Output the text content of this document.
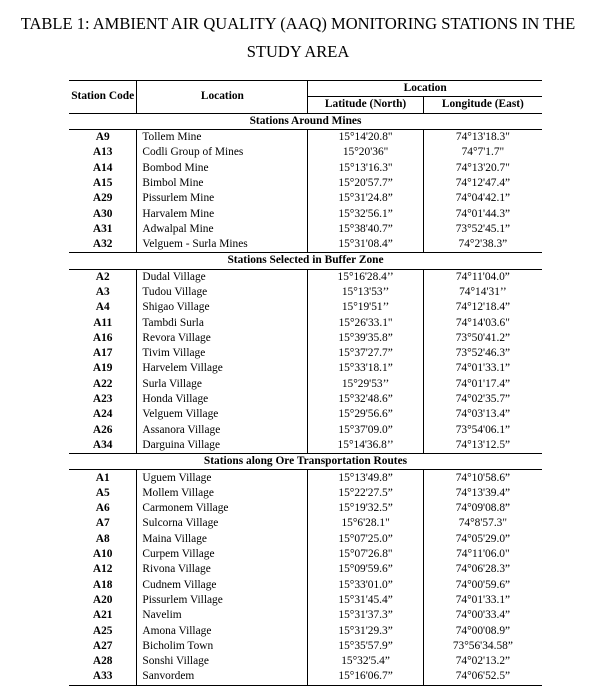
TABLE 1: AMBIENT AIR QUALITY (AAQ) MONITORING STATIONS IN THE
STUDY AREA
Station Code	Location	Location	
		Latitude (North)	Longitude (East)
Stations Around Mines			
A9	Tollem Mine	15°14'20.8"	74°13'18.3"
A13	Codli Group of Mines	15°20'36"	74°7'1.7"
A14	Bombod Mine	15°13'16.3"	74°13'20.7"
A15	Bimbol Mine	15°20'57.7”	74°12'47.4”
A29	Pissurlem Mine	15°31'24.8”	74°04'42.1”
A30	Harvalem Mine	15°32'56.1”	74°01'44.3”
A31	Adwalpal Mine	15°38'40.7”	73°52'45.1”
A32	Velguem - Surla Mines	15°31'08.4”	74°2'38.3”
Stations Selected in Buffer Zone			
A2	Dudal Village	15°16'28.4’’	74°11'04.0”
A3	Tudou Village	15°13'53’’	74°14'31’’
A4	Shigao Village	15°19'51’’	74°12'18.4”
A11	Tambdi Surla	15°26'33.1"	74°14'03.6"
A16	Revora Village	15°39'35.8”	73°50'41.2”
A17	Tivim Village	15°37'27.7”	73°52'46.3”
A19	Harvelem Village	15°33'18.1”	74°01'33.1”
A22	Surla Village	15°29'53’’	74°01'17.4”
A23	Honda Village	15°32'48.6”	74°02'35.7”
A24	Velguem Village	15°29'56.6”	74°03'13.4”
A26	Assanora Village	15°37'09.0”	73°54'06.1”
A34	Darguina Village	15°14'36.8’’	74°13'12.5”
Stations along Ore Transportation Routes			
A1	Uguem Village	15°13'49.8”	74°10'58.6”
A5	Mollem Village	15°22'27.5”	74°13'39.4”
A6	Carmonem Village	15°19'32.5”	74°09'08.8”
A7	Sulcorna Village	15°6'28.1"	74°8'57.3"
A8	Maina Village	15°07'25.0”	74°05'29.0”
A10	Curpem Village	15°07'26.8"	74°11'06.0"
A12	Rivona Village	15°09'59.6”	74°06'28.3”
A18	Cudnem Village	15°33'01.0”	74°00'59.6”
A20	Pissurlem Village	15°31'45.4”	74°01'33.1”
A21	Navelim	15°31'37.3”	74°00'33.4”
A25	Amona Village	15°31'29.3”	74°00'08.9”
A27	Bicholim Town	15°35'57.9”	73°56'34.58”
A28	Sonshi Village	15°32'5.4”	74°02'13.2”
A33	Sanvordem	15°16'06.7”	74°06'52.5”
